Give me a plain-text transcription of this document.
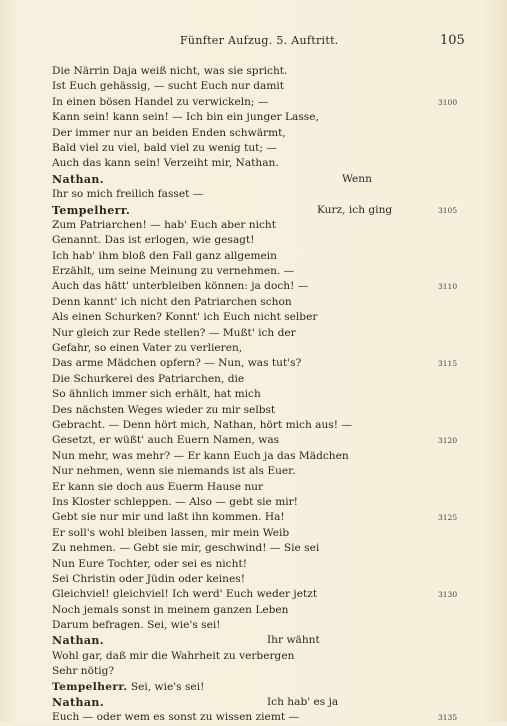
Fünfter Aufzug. 5. Auftritt.	105
Die Närrin Daja weiß nicht, was sie spricht.
Ist Euch gehässig, — sucht Euch nur damit
In einen bösen Handel zu verwickeln; —	3100
Kann sein! kann sein! — Ich bin ein junger Lasse,
Der immer nur an beiden Enden schwärmt,
Bald viel zu viel, bald viel zu wenig tut; —
Auch das kann sein! Verzeiht mir, Nathan.
Nathan.	Wenn
Ihr so mich freilich fasset —
Tempelherr.	Kurz, ich ging	3105
Zum Patriarchen! — hab' Euch aber nicht
Genannt. Das ist erlogen, wie gesagt!
Ich hab' ihm bloß den Fall ganz allgemein
Erzählt, um seine Meinung zu vernehmen. —
Auch das hätt' unterbleiben können: ja doch! —	3110
Denn kannt' ich nicht den Patriarchen schon
Als einen Schurken? Konnt' ich Euch nicht selber
Nur gleich zur Rede stellen? — Mußt' ich der
Gefahr, so einen Vater zu verlieren,
Das arme Mädchen opfern? — Nun, was tut's?	3115
Die Schurkerei des Patriarchen, die
So ähnlich immer sich erhält, hat mich
Des nächsten Weges wieder zu mir selbst
Gebracht. — Denn hört mich, Nathan, hört mich aus! —
Gesetzt, er wüßt' auch Euern Namen, was	3120
Nun mehr, was mehr? — Er kann Euch ja das Mädchen
Nur nehmen, wenn sie niemands ist als Euer.
Er kann sie doch aus Euerm Hause nur
Ins Kloster schleppen. — Also — gebt sie mir!
Gebt sie nur mir und laßt ihn kommen. Ha!	3125
Er soll's wohl bleiben lassen, mir mein Weib
Zu nehmen. — Gebt sie mir, geschwind! — Sie sei
Nun Eure Tochter, oder sei es nicht!
Sei Christin oder Jüdin oder keines!
Gleichviel! gleichviel! Ich werd' Euch weder jetzt	3130
Noch jemals sonst in meinem ganzen Leben
Darum befragen. Sei, wie's sei!
Nathan.	Ihr wähnt
Wohl gar, daß mir die Wahrheit zu verbergen
Sehr nötig?
Tempelherr. Sei, wie's sei!
Nathan.	Ich hab' es ja
Euch — oder wem es sonst zu wissen ziemt —	3135
